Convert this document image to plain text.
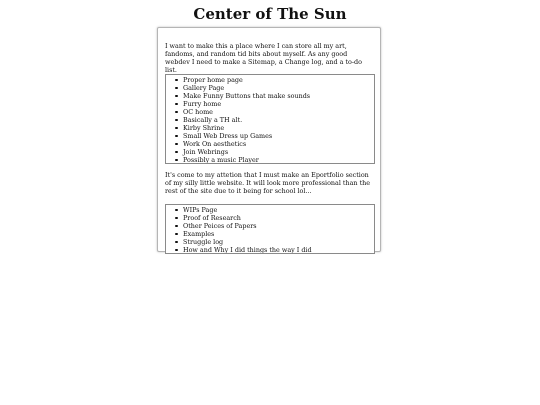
Center of The Sun

I want to make this a place where I can store all my art, fandoms, and random tid bits about myself. As any good webdev I need to make a Sitemap, a Change log, and a to-do list.

Proper home page
Gallery Page
Make Funny Buttons that make sounds
Furry home
OC home
Basically a TH alt.
Kirby Shrine
Small Web Dress up Games
Work On aesthetics
Join Webrings
Possibly a music Player

It's come to my attetion that I must make an Eportfolio section of my silly little website. It will look more professional than the rest of the site due to it being for school lol...

WIPs Page
Proof of Research
Other Peices of Papers
Examples
Struggle log
How and Why I did things the way I did
